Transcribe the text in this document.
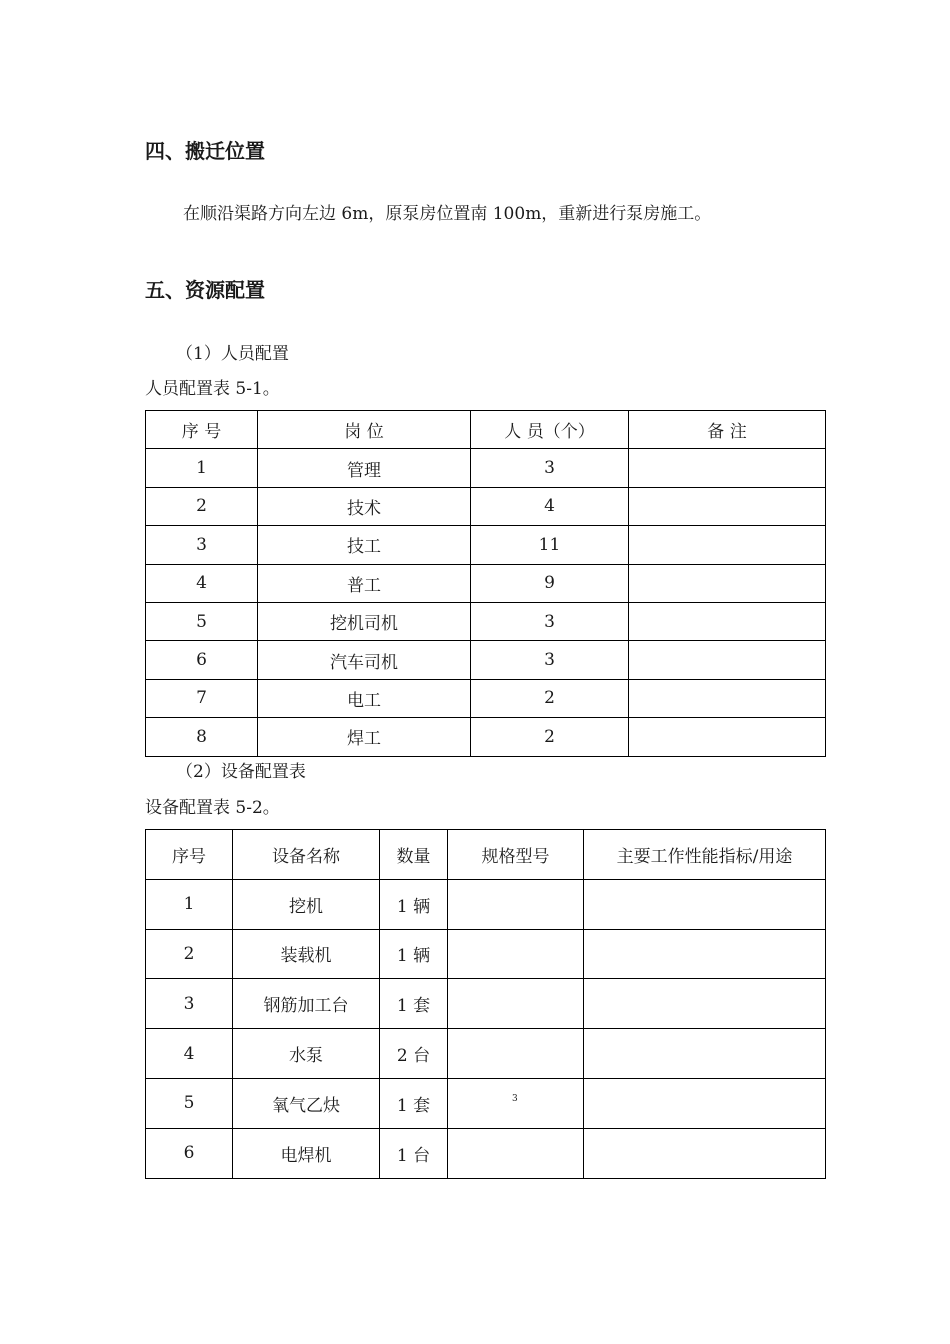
四、搬迁位置
在顺沿渠路方向左边 6m，原泵房位置南 100m，重新进行泵房施工。
五、资源配置
（1）人员配置
人员配置表 5-1。
序 号	岗 位	人 员（个）	备 注
1	管理	3	
2	技术	4	
3	技工	11	
4	普工	9	
5	挖机司机	3	
6	汽车司机	3	
7	电工	2	
8	焊工	2	
（2）设备配置表
设备配置表 5-2。
序号	设备名称	数量	规格型号	主要工作性能指标/用途
1	挖机	1 辆		
2	装载机	1 辆		
3	钢筋加工台	1 套		
4	水泵	2 台		
5	氧气乙炔	1 套	3	

6	电焊机	1 台		
